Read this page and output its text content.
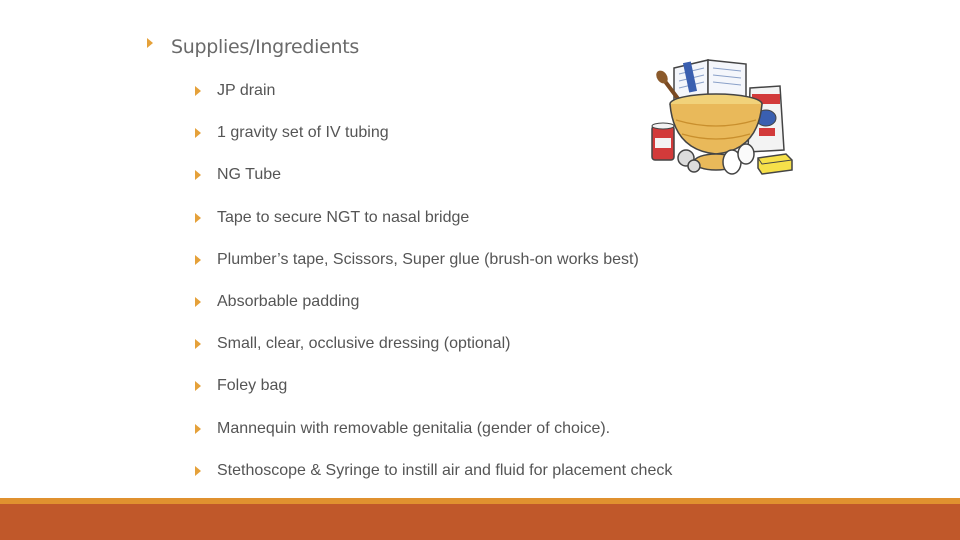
Supplies/Ingredients
JP drain
1 gravity set of IV tubing
NG Tube
Tape to secure NGT to nasal bridge
Plumber’s tape, Scissors, Super glue (brush-on works best)
Absorbable padding
Small, clear, occlusive dressing (optional)
Foley bag
Mannequin with removable genitalia (gender of choice).
Stethoscope & Syringe to instill air and fluid for placement check
